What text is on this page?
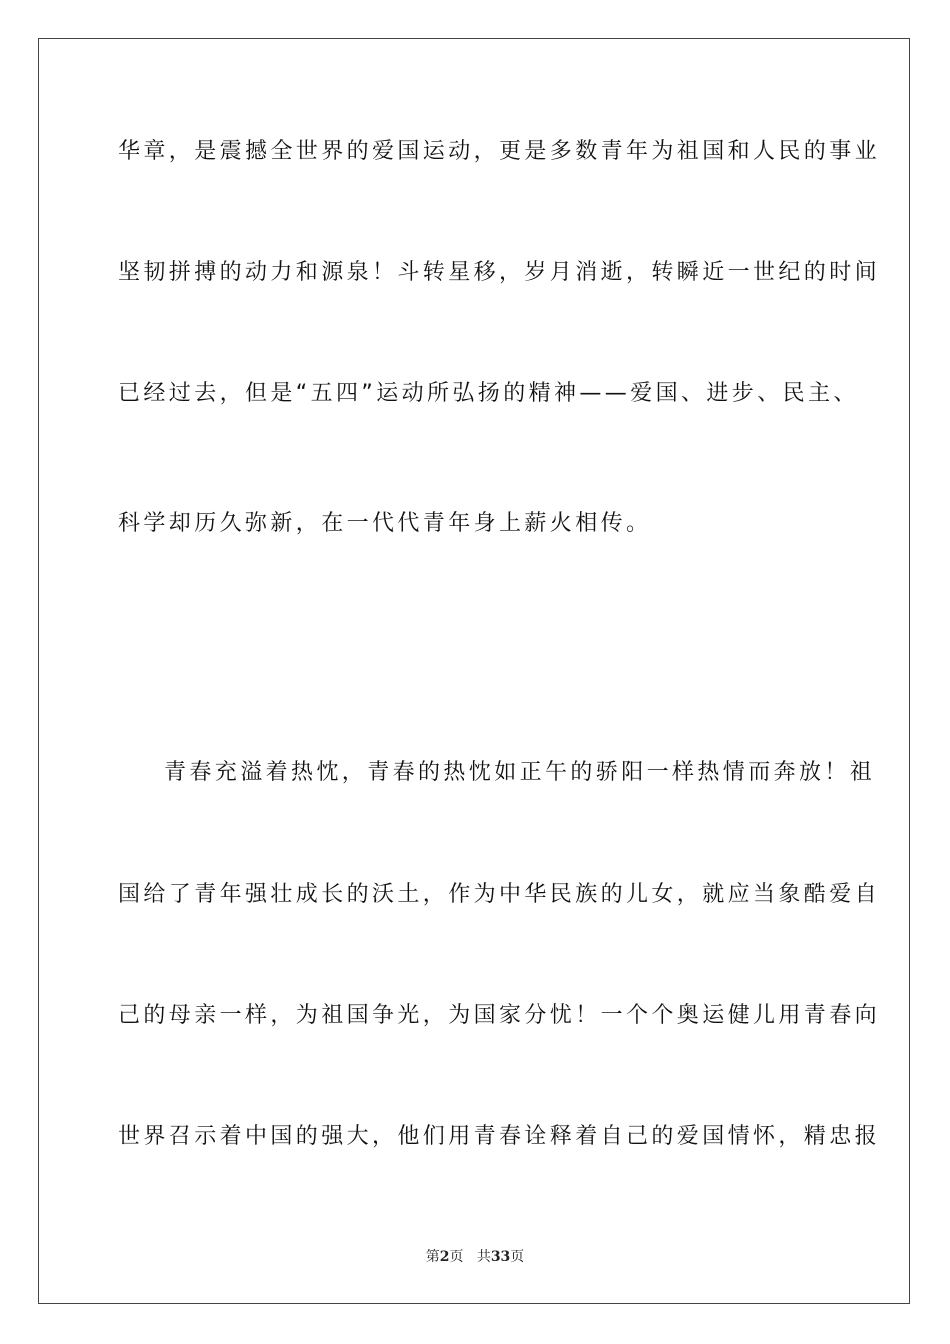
华章，是震撼全世界的爱国运动，更是多数青年为祖国和人民的事业
坚韧拼搏的动力和源泉！斗转星移，岁月消逝，转瞬近一世纪的时间
已经过去，但是“五四”运动所弘扬的精神——爱国、进步、民主、
科学却历久弥新，在一代代青年身上薪火相传。
青春充溢着热忱，青春的热忱如正午的骄阳一样热情而奔放！祖
国给了青年强壮成长的沃土，作为中华民族的儿女，就应当象酷爱自
己的母亲一样，为祖国争光，为国家分忧！一个个奥运健儿用青春向
世界召示着中国的强大，他们用青春诠释着自己的爱国情怀，精忠报
第2页 共33页
